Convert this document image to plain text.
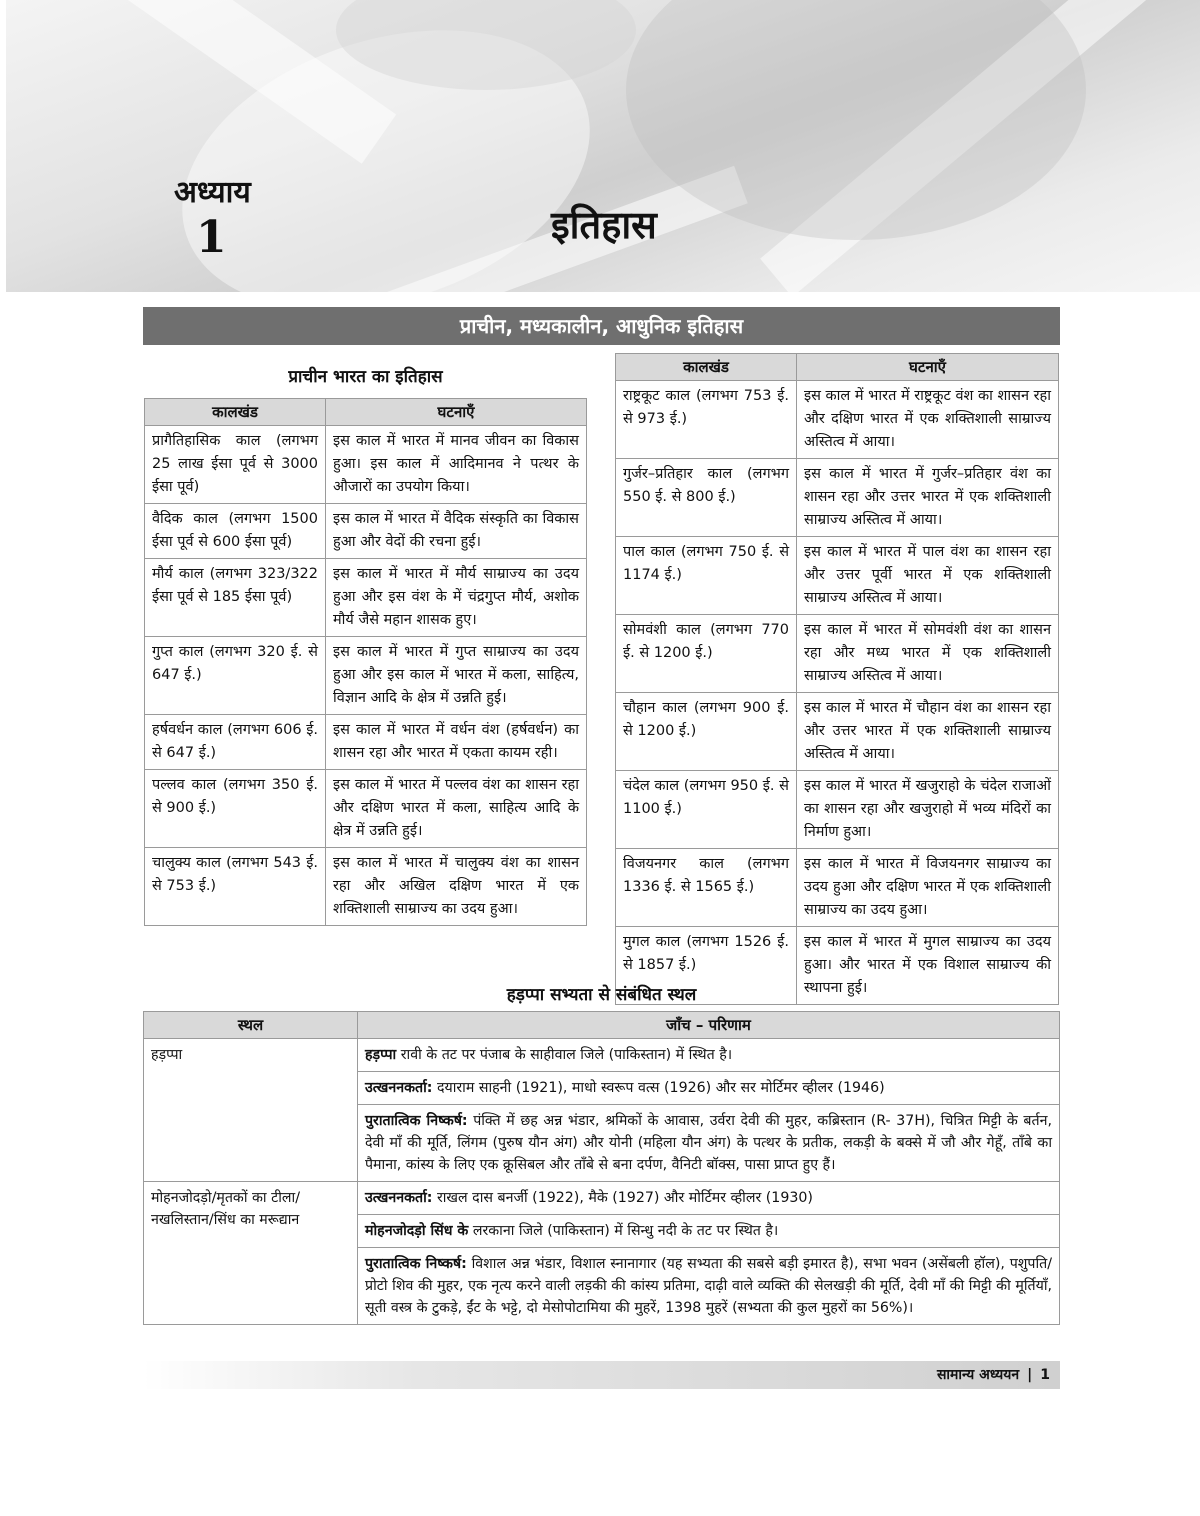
अध्याय
1	इतिहास
प्राचीन, मध्यकालीन, आधुनिक इतिहास
प्राचीन भारत का इतिहास
कालखंड	घटनाएँ
प्रागैतिहासिक काल (लगभग 25 लाख ईसा पूर्व से 3000 ईसा पूर्व)	इस काल में भारत में मानव जीवन का विकास हुआ। इस काल में आदिमानव ने पत्थर के औजारों का उपयोग किया।
वैदिक काल (लगभग 1500 ईसा पूर्व से 600 ईसा पूर्व)	इस काल में भारत में वैदिक संस्कृति का विकास हुआ और वेदों की रचना हुई।
मौर्य काल (लगभग 323/322 ईसा पूर्व से 185 ईसा पूर्व)	इस काल में भारत में मौर्य साम्राज्य का उदय हुआ और इस वंश के में चंद्रगुप्त मौर्य, अशोक मौर्य जैसे महान शासक हुए।
गुप्त काल (लगभग 320 ई. से 647 ई.)	इस काल में भारत में गुप्त साम्राज्य का उदय हुआ और इस काल में भारत में कला, साहित्य, विज्ञान आदि के क्षेत्र में उन्नति हुई।
हर्षवर्धन काल (लगभग 606 ई. से 647 ई.)	इस काल में भारत में वर्धन वंश (हर्षवर्धन) का शासन रहा और भारत में एकता कायम रही।
पल्लव काल (लगभग 350 ई. से 900 ई.)	इस काल में भारत में पल्लव वंश का शासन रहा और दक्षिण भारत में कला, साहित्य आदि के क्षेत्र में उन्नति हुई।
चालुक्य काल (लगभग 543 ई. से 753 ई.)	इस काल में भारत में चालुक्य वंश का शासन रहा और अखिल दक्षिण भारत में एक शक्तिशाली साम्राज्य का उदय हुआ।
कालखंड	घटनाएँ
राष्ट्रकूट काल (लगभग 753 ई. से 973 ई.)	इस काल में भारत में राष्ट्रकूट वंश का शासन रहा और दक्षिण भारत में एक शक्तिशाली साम्राज्य अस्तित्व में आया।
गुर्जर–प्रतिहार काल (लगभग 550 ई. से 800 ई.)	इस काल में भारत में गुर्जर–प्रतिहार वंश का शासन रहा और उत्तर भारत में एक शक्तिशाली साम्राज्य अस्तित्व में आया।
पाल काल (लगभग 750 ई. से 1174 ई.)	इस काल में भारत में पाल वंश का शासन रहा और उत्तर पूर्वी भारत में एक शक्तिशाली साम्राज्य अस्तित्व में आया।
सोमवंशी काल (लगभग 770 ई. से 1200 ई.)	इस काल में भारत में सोमवंशी वंश का शासन रहा और मध्य भारत में एक शक्तिशाली साम्राज्य अस्तित्व में आया।
चौहान काल (लगभग 900 ई. से 1200 ई.)	इस काल में भारत में चौहान वंश का शासन रहा और उत्तर भारत में एक शक्तिशाली साम्राज्य अस्तित्व में आया।
चंदेल काल (लगभग 950 ई. से 1100 ई.)	इस काल में भारत में खजुराहो के चंदेल राजाओं का शासन रहा और खजुराहो में भव्य मंदिरों का निर्माण हुआ।
विजयनगर काल (लगभग 1336 ई. से 1565 ई.)	इस काल में भारत में विजयनगर साम्राज्य का उदय हुआ और दक्षिण भारत में एक शक्तिशाली साम्राज्य का उदय हुआ।
मुगल काल (लगभग 1526 ई. से 1857 ई.)	इस काल में भारत में मुगल साम्राज्य का उदय हुआ। और भारत में एक विशाल साम्राज्य की स्थापना हुई।
हड़प्पा सभ्यता से संबंधित स्थल
स्थल	जाँच – परिणाम
हड़प्पा	हड़प्पा रावी के तट पर पंजाब के साहीवाल जिले (पाकिस्तान) में स्थित है।
	उत्खननकर्ता: दयाराम साहनी (1921), माधो स्वरूप वत्स (1926) और सर मोर्टिमर व्हीलर (1946)
	पुरातात्विक निष्कर्ष: पंक्ति में छह अन्न भंडार, श्रमिकों के आवास, उर्वरा देवी की मुहर, कब्रिस्तान (R- 37H), चित्रित मिट्टी के बर्तन, देवी माँ की मूर्ति, लिंगम (पुरुष यौन अंग) और योनी (महिला यौन अंग) के पत्थर के प्रतीक, लकड़ी के बक्से में जौ और गेहूँ, ताँबे का पैमाना, कांस्य के लिए एक क्रूसिबल और ताँबे से बना दर्पण, वैनिटी बॉक्स, पासा प्राप्त हुए हैं।
मोहनजोदड़ो/मृतकों का टीला/नखलिस्तान/सिंध का मरूद्यान	उत्खननकर्ता: राखल दास बनर्जी (1922), मैके (1927) और मोर्टिमर व्हीलर (1930)
	मोहनजोदड़ो सिंध के लरकाना जिले (पाकिस्तान) में सिन्धु नदी के तट पर स्थित है।
	पुरातात्विक निष्कर्ष: विशाल अन्न भंडार, विशाल स्नानागार (यह सभ्यता की सबसे बड़ी इमारत है), सभा भवन (असेंबली हॉल), पशुपति/प्रोटो शिव की मुहर, एक नृत्य करने वाली लड़की की कांस्य प्रतिमा, दाढ़ी वाले व्यक्ति की सेलखड़ी की मूर्ति, देवी माँ की मिट्टी की मूर्तियाँ, सूती वस्त्र के टुकड़े, ईंट के भट्टे, दो मेसोपोटामिया की मुहरें, 1398 मुहरें (सभ्यता की कुल मुहरों का 56%)।
सामान्य अध्ययन | 1
